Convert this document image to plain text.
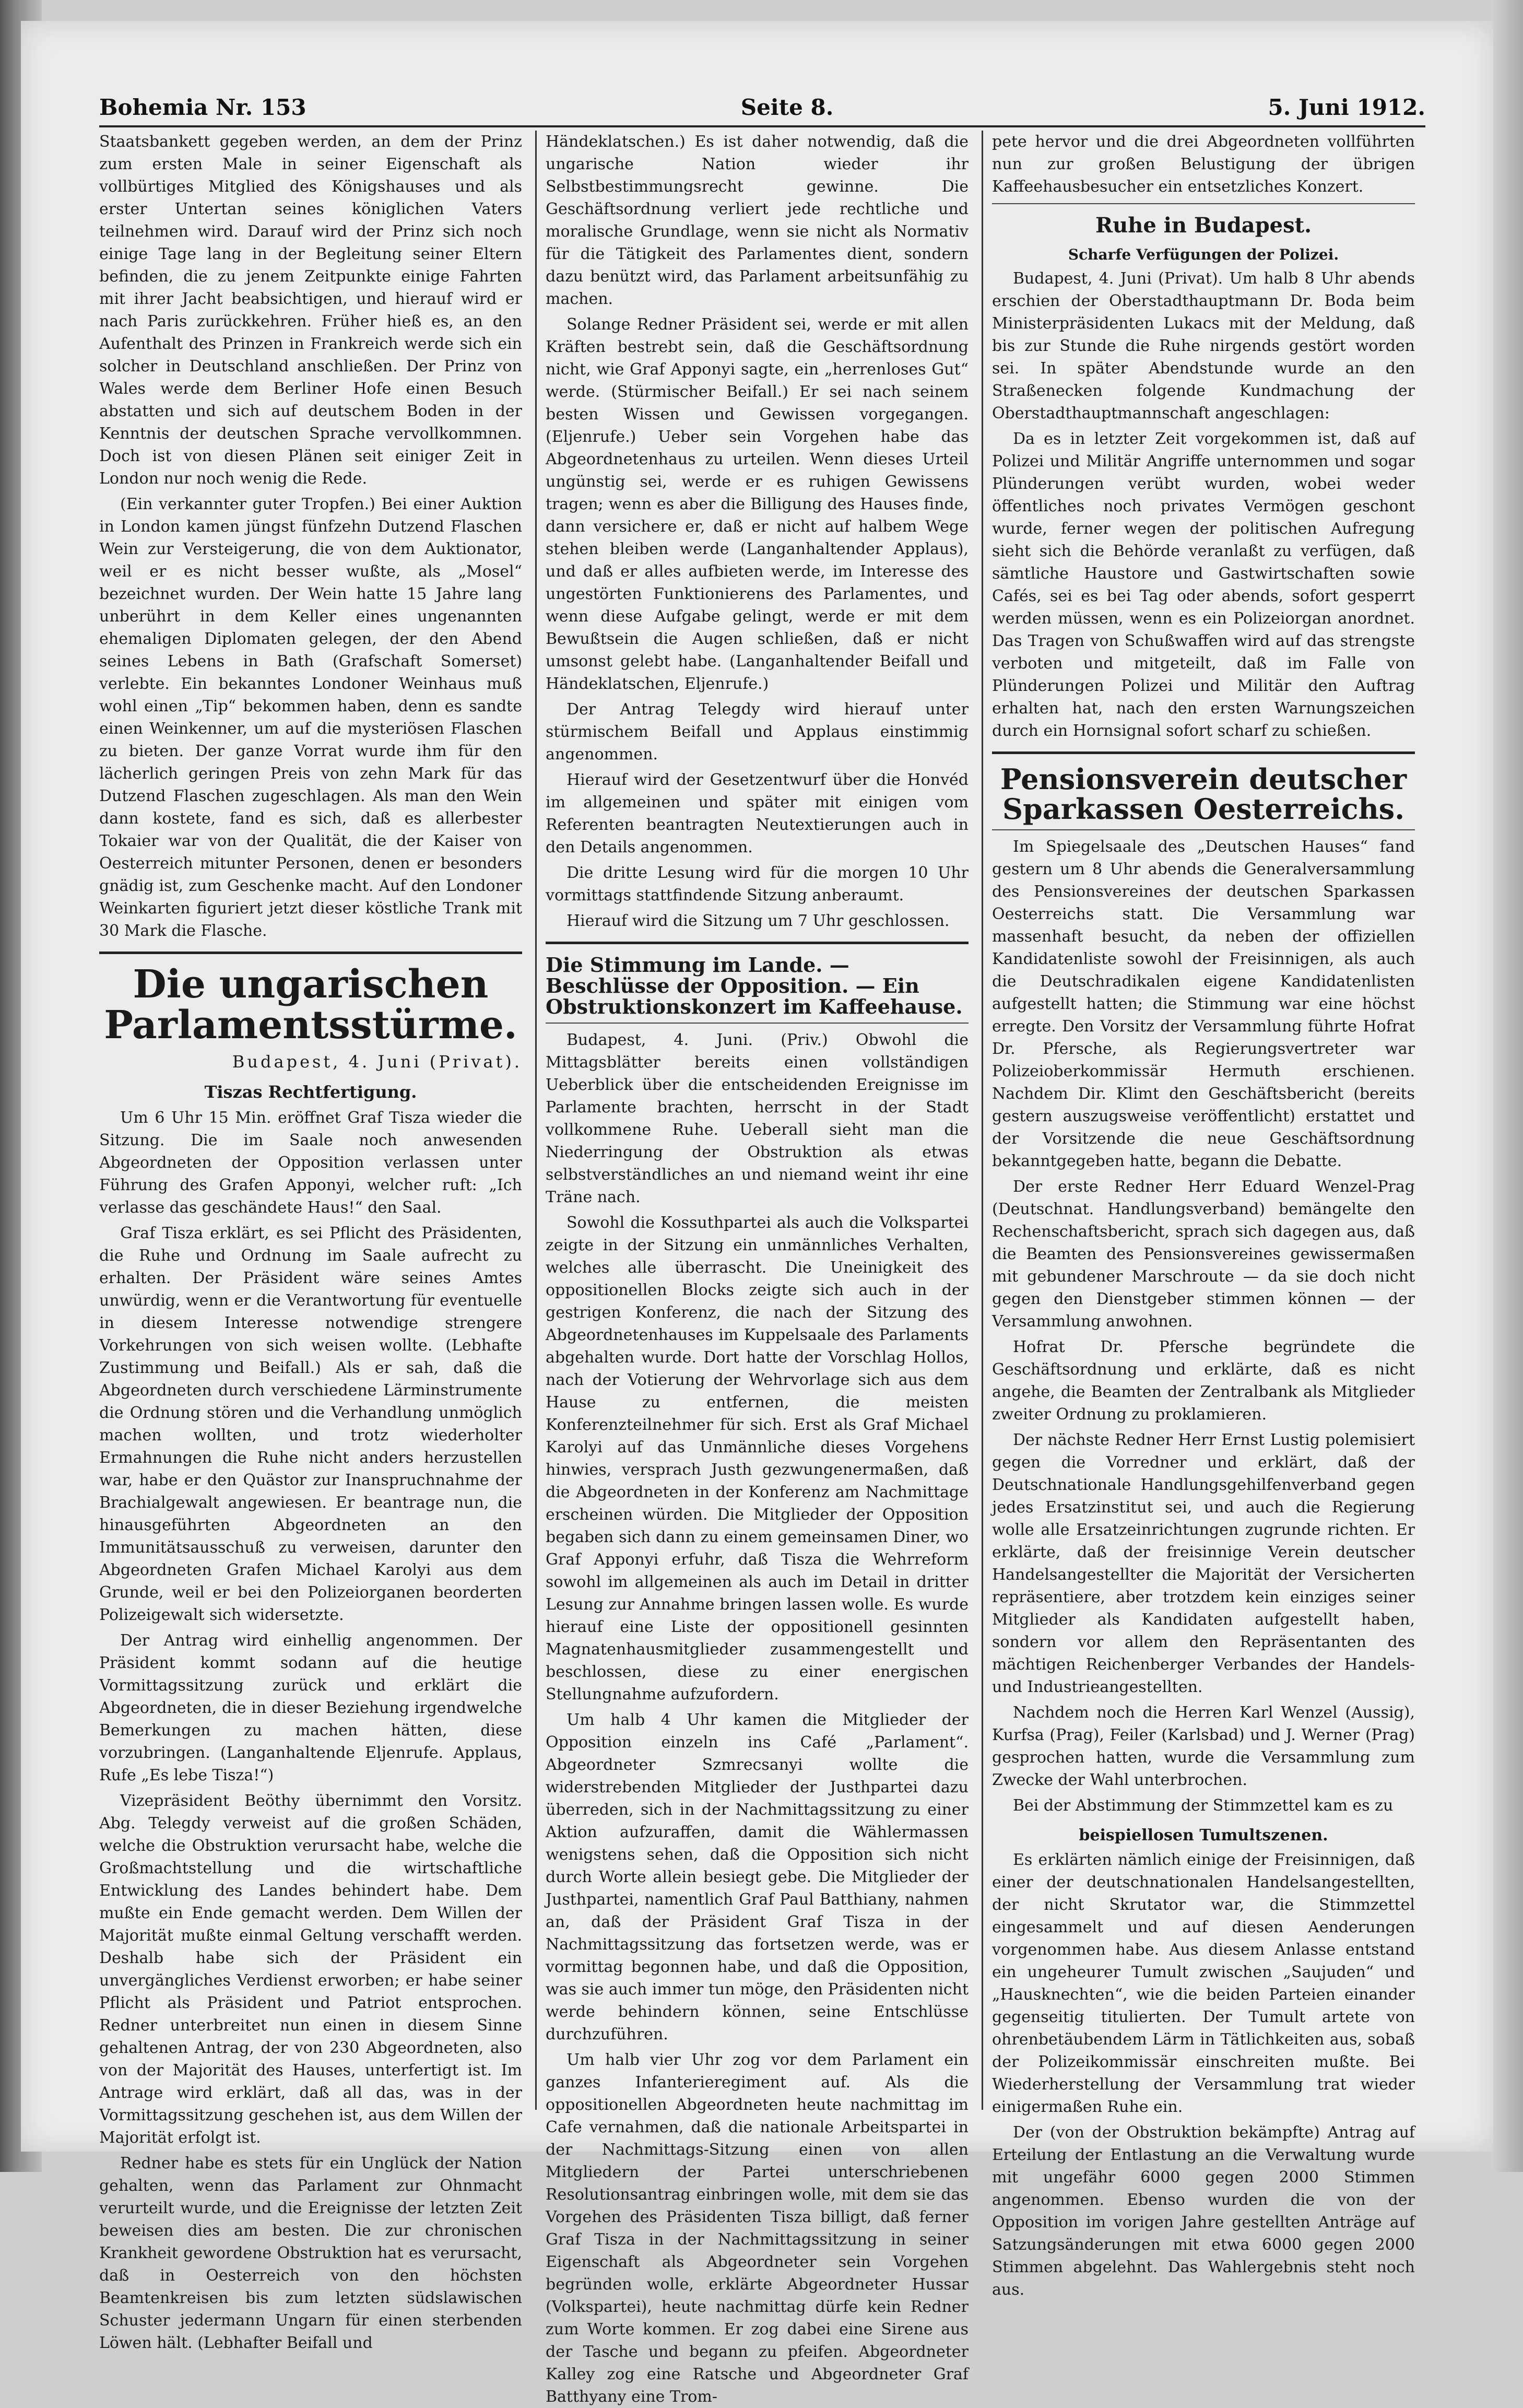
Bohemia Nr. 153	Seite 8.	5. Juni 1912.

Staatsbankett gegeben werden, an dem der Prinz zum ersten Male in seiner Eigenschaft als vollbürtiges Mitglied des Königshauses und als erster Untertan seines königlichen Vaters teilnehmen wird. Darauf wird der Prinz sich noch einige Tage lang in der Begleitung seiner Eltern befinden, die zu jenem Zeitpunkte einige Fahrten mit ihrer Jacht beabsichtigen, und hierauf wird er nach Paris zurückkehren. Früher hieß es, an den Aufenthalt des Prinzen in Frankreich werde sich ein solcher in Deutschland anschließen. Der Prinz von Wales werde dem Berliner Hofe einen Besuch abstatten und sich auf deutschem Boden in der Kenntnis der deutschen Sprache vervollkommnen. Doch ist von diesen Plänen seit einiger Zeit in London nur noch wenig die Rede.

(Ein verkannter guter Tropfen.) Bei einer Auktion in London kamen jüngst fünfzehn Dutzend Flaschen Wein zur Versteigerung, die von dem Auktionator, weil er es nicht besser wußte, als „Mosel“ bezeichnet wurden. Der Wein hatte 15 Jahre lang unberührt in dem Keller eines ungenannten ehemaligen Diplomaten gelegen, der den Abend seines Lebens in Bath (Grafschaft Somerset) verlebte. Ein bekanntes Londoner Weinhaus muß wohl einen „Tip“ bekommen haben, denn es sandte einen Weinkenner, um auf die mysteriösen Flaschen zu bieten. Der ganze Vorrat wurde ihm für den lächerlich geringen Preis von zehn Mark für das Dutzend Flaschen zugeschlagen. Als man den Wein dann kostete, fand es sich, daß es allerbester Tokaier war von der Qualität, die der Kaiser von Oesterreich mitunter Personen, denen er besonders gnädig ist, zum Geschenke macht. Auf den Londoner Weinkarten figuriert jetzt dieser köstliche Trank mit 30 Mark die Flasche.

Die ungarischen Parlamentsstürme.
Budapest, 4. Juni (Privat).
Tiszas Rechtfertigung.

Um 6 Uhr 15 Min. eröffnet Graf Tisza wieder die Sitzung. Die im Saale noch anwesenden Abgeordneten der Opposition verlassen unter Führung des Grafen Apponyi, welcher ruft: „Ich verlasse das geschändete Haus!“ den Saal.

Graf Tisza erklärt, es sei Pflicht des Präsidenten, die Ruhe und Ordnung im Saale aufrecht zu erhalten. Der Präsident wäre seines Amtes unwürdig, wenn er die Verantwortung für eventuelle in diesem Interesse notwendige strengere Vorkehrungen von sich weisen wollte. (Lebhafte Zustimmung und Beifall.) Als er sah, daß die Abgeordneten durch verschiedene Lärminstrumente die Ordnung stören und die Verhandlung unmöglich machen wollten, und trotz wiederholter Ermahnungen die Ruhe nicht anders herzustellen war, habe er den Quästor zur Inanspruchnahme der Brachialgewalt angewiesen. Er beantrage nun, die hinausgeführten Abgeordneten an den Immunitätsausschuß zu verweisen, darunter den Abgeordneten Grafen Michael Karolyi aus dem Grunde, weil er bei den Polizeiorganen beorderten Polizeigewalt sich widersetzte.

Der Antrag wird einhellig angenommen. Der Präsident kommt sodann auf die heutige Vormittagssitzung zurück und erklärt die Abgeordneten, die in dieser Beziehung irgendwelche Bemerkungen zu machen hätten, diese vorzubringen. (Langanhaltende Eljenrufe. Applaus, Rufe „Es lebe Tisza!“)

Vizepräsident Beöthy übernimmt den Vorsitz. Abg. Telegdy verweist auf die großen Schäden, welche die Obstruktion verursacht habe, welche die Großmachtstellung und die wirtschaftliche Entwicklung des Landes behindert habe. Dem mußte ein Ende gemacht werden. Dem Willen der Majorität mußte einmal Geltung verschafft werden. Deshalb habe sich der Präsident ein unvergängliches Verdienst erworben; er habe seiner Pflicht als Präsident und Patriot entsprochen. Redner unterbreitet nun einen in diesem Sinne gehaltenen Antrag, der von 230 Abgeordneten, also von der Majorität des Hauses, unterfertigt ist. Im Antrage wird erklärt, daß all das, was in der Vormittagssitzung geschehen ist, aus dem Willen der Majorität erfolgt ist.

Redner habe es stets für ein Unglück der Nation gehalten, wenn das Parlament zur Ohnmacht verurteilt wurde, und die Ereignisse der letzten Zeit beweisen dies am besten. Die zur chronischen Krankheit gewordene Obstruktion hat es verursacht, daß in Oesterreich von den höchsten Beamtenkreisen bis zum letzten südslawischen Schuster jedermann Ungarn für einen sterbenden Löwen hält. (Lebhafter Beifall und

Händeklatschen.) Es ist daher notwendig, daß die ungarische Nation wieder ihr Selbstbestimmungsrecht gewinne. Die Geschäftsordnung verliert jede rechtliche und moralische Grundlage, wenn sie nicht als Normativ für die Tätigkeit des Parlamentes dient, sondern dazu benützt wird, das Parlament arbeitsunfähig zu machen.

Solange Redner Präsident sei, werde er mit allen Kräften bestrebt sein, daß die Geschäftsordnung nicht, wie Graf Apponyi sagte, ein „herrenloses Gut“ werde. (Stürmischer Beifall.) Er sei nach seinem besten Wissen und Gewissen vorgegangen. (Eljenrufe.) Ueber sein Vorgehen habe das Abgeordnetenhaus zu urteilen. Wenn dieses Urteil ungünstig sei, werde er es ruhigen Gewissens tragen; wenn es aber die Billigung des Hauses finde, dann versichere er, daß er nicht auf halbem Wege stehen bleiben werde (Langanhaltender Applaus), und daß er alles aufbieten werde, im Interesse des ungestörten Funktionierens des Parlamentes, und wenn diese Aufgabe gelingt, werde er mit dem Bewußtsein die Augen schließen, daß er nicht umsonst gelebt habe. (Langanhaltender Beifall und Händeklatschen, Eljenrufe.)

Der Antrag Telegdy wird hierauf unter stürmischem Beifall und Applaus einstimmig angenommen.

Hierauf wird der Gesetzentwurf über die Honvéd im allgemeinen und später mit einigen vom Referenten beantragten Neutextierungen auch in den Details angenommen.

Die dritte Lesung wird für die morgen 10 Uhr vormittags stattfindende Sitzung anberaumt.

Hierauf wird die Sitzung um 7 Uhr geschlossen.

Die Stimmung im Lande. — Beschlüsse der Opposition. — Ein Obstruktionskonzert im Kaffeehause.

Budapest, 4. Juni. (Priv.) Obwohl die Mittagsblätter bereits einen vollständigen Ueberblick über die entscheidenden Ereignisse im Parlamente brachten, herrscht in der Stadt vollkommene Ruhe. Ueberall sieht man die Niederringung der Obstruktion als etwas selbstverständliches an und niemand weint ihr eine Träne nach.

Sowohl die Kossuthpartei als auch die Volkspartei zeigte in der Sitzung ein unmännliches Verhalten, welches alle überrascht. Die Uneinigkeit des oppositionellen Blocks zeigte sich auch in der gestrigen Konferenz, die nach der Sitzung des Abgeordnetenhauses im Kuppelsaale des Parlaments abgehalten wurde. Dort hatte der Vorschlag Hollos, nach der Votierung der Wehrvorlage sich aus dem Hause zu entfernen, die meisten Konferenzteilnehmer für sich. Erst als Graf Michael Karolyi auf das Unmännliche dieses Vorgehens hinwies, versprach Justh gezwungenermaßen, daß die Abgeordneten in der Konferenz am Nachmittage erscheinen würden. Die Mitglieder der Opposition begaben sich dann zu einem gemeinsamen Diner, wo Graf Apponyi erfuhr, daß Tisza die Wehrreform sowohl im allgemeinen als auch im Detail in dritter Lesung zur Annahme bringen lassen wolle. Es wurde hierauf eine Liste der oppositionell gesinnten Magnatenhausmitglieder zusammengestellt und beschlossen, diese zu einer energischen Stellungnahme aufzufordern.

Um halb 4 Uhr kamen die Mitglieder der Opposition einzeln ins Café „Parlament“. Abgeordneter Szmrecsanyi wollte die widerstrebenden Mitglieder der Justhpartei dazu überreden, sich in der Nachmittagssitzung zu einer Aktion aufzuraffen, damit die Wählermassen wenigstens sehen, daß die Opposition sich nicht durch Worte allein besiegt gebe. Die Mitglieder der Justhpartei, namentlich Graf Paul Batthiany, nahmen an, daß der Präsident Graf Tisza in der Nachmittagssitzung das fortsetzen werde, was er vormittag begonnen habe, und daß die Opposition, was sie auch immer tun möge, den Präsidenten nicht werde behindern können, seine Entschlüsse durchzuführen.

Um halb vier Uhr zog vor dem Parlament ein ganzes Infanterieregiment auf. Als die oppositionellen Abgeordneten heute nachmittag im Cafe vernahmen, daß die nationale Arbeitspartei in der Nachmittags-Sitzung einen von allen Mitgliedern der Partei unterschriebenen Resolutionsantrag einbringen wolle, mit dem sie das Vorgehen des Präsidenten Tisza billigt, daß ferner Graf Tisza in der Nachmittagssitzung in seiner Eigenschaft als Abgeordneter sein Vorgehen begründen wolle, erklärte Abgeordneter Hussar (Volkspartei), heute nachmittag dürfe kein Redner zum Worte kommen. Er zog dabei eine Sirene aus der Tasche und begann zu pfeifen. Abgeordneter Kalley zog eine Ratsche und Abgeordneter Graf Batthyany eine Trom-

pete hervor und die drei Abgeordneten vollführten nun zur großen Belustigung der übrigen Kaffeehausbesucher ein entsetzliches Konzert.

Ruhe in Budapest.
Scharfe Verfügungen der Polizei.

Budapest, 4. Juni (Privat). Um halb 8 Uhr abends erschien der Oberstadthauptmann Dr. Boda beim Ministerpräsidenten Lukacs mit der Meldung, daß bis zur Stunde die Ruhe nirgends gestört worden sei. In später Abendstunde wurde an den Straßenecken folgende Kundmachung der Oberstadthauptmannschaft angeschlagen:

Da es in letzter Zeit vorgekommen ist, daß auf Polizei und Militär Angriffe unternommen und sogar Plünderungen verübt wurden, wobei weder öffentliches noch privates Vermögen geschont wurde, ferner wegen der politischen Aufregung sieht sich die Behörde veranlaßt zu verfügen, daß sämtliche Haustore und Gastwirtschaften sowie Cafés, sei es bei Tag oder abends, sofort gesperrt werden müssen, wenn es ein Polizeiorgan anordnet. Das Tragen von Schußwaffen wird auf das strengste verboten und mitgeteilt, daß im Falle von Plünderungen Polizei und Militär den Auftrag erhalten hat, nach den ersten Warnungszeichen durch ein Hornsignal sofort scharf zu schießen.

Pensionsverein deutscher Sparkassen Oesterreichs.

Im Spiegelsaale des „Deutschen Hauses“ fand gestern um 8 Uhr abends die Generalversammlung des Pensionsvereines der deutschen Sparkassen Oesterreichs statt. Die Versammlung war massenhaft besucht, da neben der offiziellen Kandidatenliste sowohl der Freisinnigen, als auch die Deutschradikalen eigene Kandidatenlisten aufgestellt hatten; die Stimmung war eine höchst erregte. Den Vorsitz der Versammlung führte Hofrat Dr. Pfersche, als Regierungsvertreter war Polizeioberkommissär Hermuth erschienen. Nachdem Dir. Klimt den Geschäftsbericht (bereits gestern auszugsweise veröffentlicht) erstattet und der Vorsitzende die neue Geschäftsordnung bekanntgegeben hatte, begann die Debatte.

Der erste Redner Herr Eduard Wenzel-Prag (Deutschnat. Handlungsverband) bemängelte den Rechenschaftsbericht, sprach sich dagegen aus, daß die Beamten des Pensionsvereines gewissermaßen mit gebundener Marschroute — da sie doch nicht gegen den Dienstgeber stimmen können — der Versammlung anwohnen.

Hofrat Dr. Pfersche begründete die Geschäftsordnung und erklärte, daß es nicht angehe, die Beamten der Zentralbank als Mitglieder zweiter Ordnung zu proklamieren.

Der nächste Redner Herr Ernst Lustig polemisiert gegen die Vorredner und erklärt, daß der Deutschnationale Handlungsgehilfenverband gegen jedes Ersatzinstitut sei, und auch die Regierung wolle alle Ersatzeinrichtungen zugrunde richten. Er erklärte, daß der freisinnige Verein deutscher Handelsangestellter die Majorität der Versicherten repräsentiere, aber trotzdem kein einziges seiner Mitglieder als Kandidaten aufgestellt haben, sondern vor allem den Repräsentanten des mächtigen Reichenberger Verbandes der Handels- und Industrieangestellten.

Nachdem noch die Herren Karl Wenzel (Aussig), Kurfsa (Prag), Feiler (Karlsbad) und J. Werner (Prag) gesprochen hatten, wurde die Versammlung zum Zwecke der Wahl unterbrochen.

Bei der Abstimmung der Stimmzettel kam es zu

beispiellosen Tumultszenen.

Es erklärten nämlich einige der Freisinnigen, daß einer der deutschnationalen Handelsangestellten, der nicht Skrutator war, die Stimmzettel eingesammelt und auf diesen Aenderungen vorgenommen habe. Aus diesem Anlasse entstand ein ungeheurer Tumult zwischen „Saujuden“ und „Hausknechten“, wie die beiden Parteien einander gegenseitig titulierten. Der Tumult artete von ohrenbetäubendem Lärm in Tätlichkeiten aus, sobaß der Polizeikommissär einschreiten mußte. Bei Wiederherstellung der Versammlung trat wieder einigermaßen Ruhe ein.

Der (von der Obstruktion bekämpfte) Antrag auf Erteilung der Entlastung an die Verwaltung wurde mit ungefähr 6000 gegen 2000 Stimmen angenommen. Ebenso wurden die von der Opposition im vorigen Jahre gestellten Anträge auf Satzungsänderungen mit etwa 6000 gegen 2000 Stimmen abgelehnt. Das Wahlergebnis steht noch aus.
